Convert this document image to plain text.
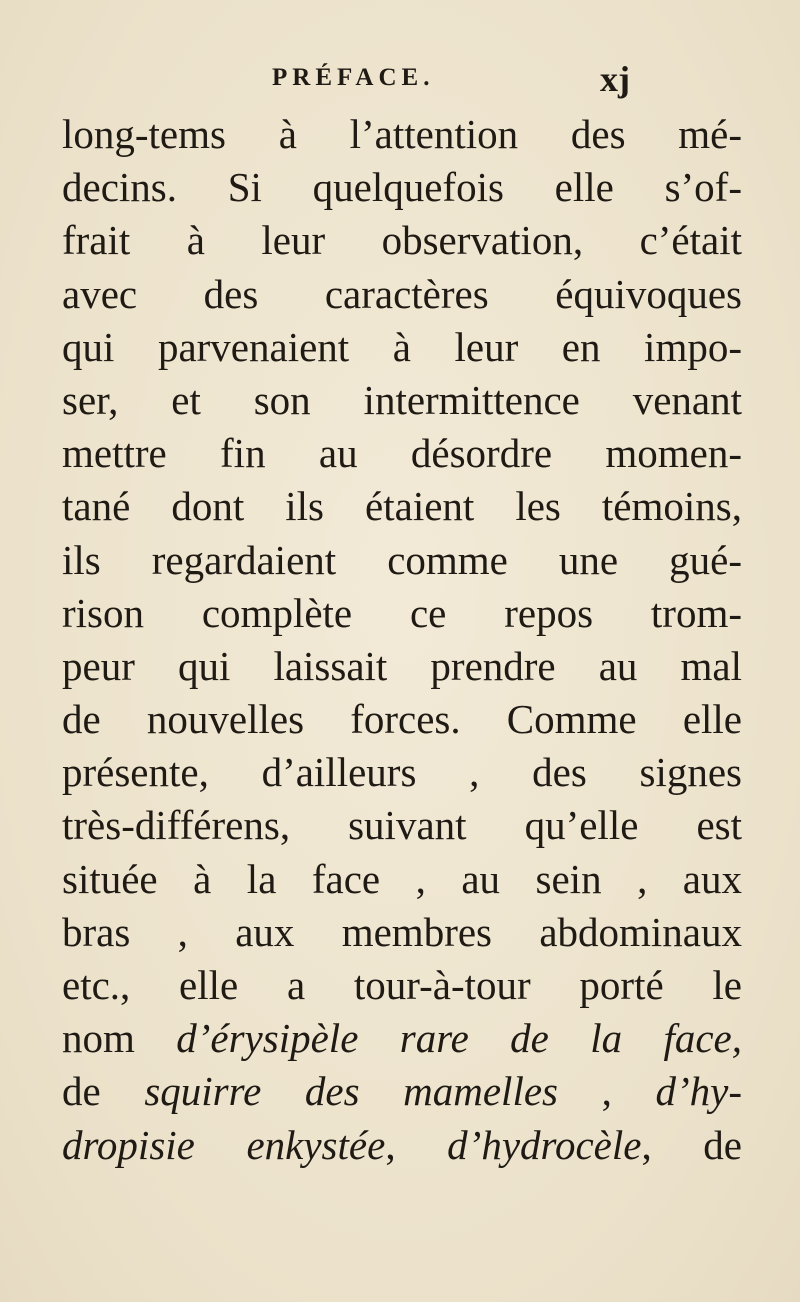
PRÉFACE.	xj
long-tems à l’attention des mé-
decins. Si quelquefois elle s’of-
frait à leur observation, c’était
avec des caractères équivoques
qui parvenaient à leur en impo-
ser, et son intermittence venant
mettre fin au désordre momen-
tané dont ils étaient les témoins,
ils regardaient comme une gué-
rison complète ce repos trom-
peur qui laissait prendre au mal
de nouvelles forces. Comme elle
présente, d’ailleurs , des signes
très-différens, suivant qu’elle est
située à la face , au sein , aux
bras , aux membres abdominaux
etc., elle a tour-à-tour porté le
nom d’érysipèle rare de la face,
de squirre des mamelles , d’hy-
dropisie enkystée, d’hydrocèle, de
